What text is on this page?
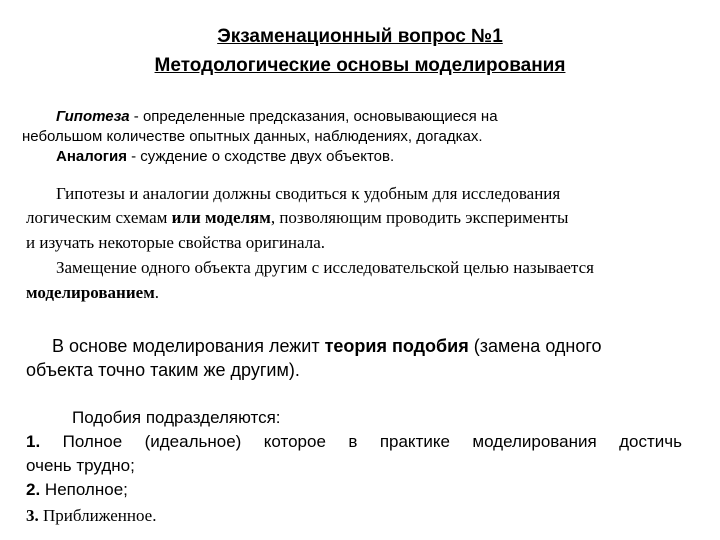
Экзаменационный вопрос №1
Методологические основы моделирования
Гипотеза - определенные предсказания, основывающиеся на
небольшом количестве опытных данных, наблюдениях, догадках.
Аналогия - суждение о сходстве двух объектов.
Гипотезы и аналогии должны сводиться к удобным для исследования
логическим схемам или моделям, позволяющим проводить эксперименты
и изучать некоторые свойства оригинала.
Замещение одного объекта другим с исследовательской целью называется
моделированием.
В основе моделирования лежит теория подобия (замена одного
объекта точно таким же другим).
Подобия подразделяются:
1. Полное (идеальное) которое в практике моделирования достичь
очень трудно;
2. Неполное;
3. Приближенное.
